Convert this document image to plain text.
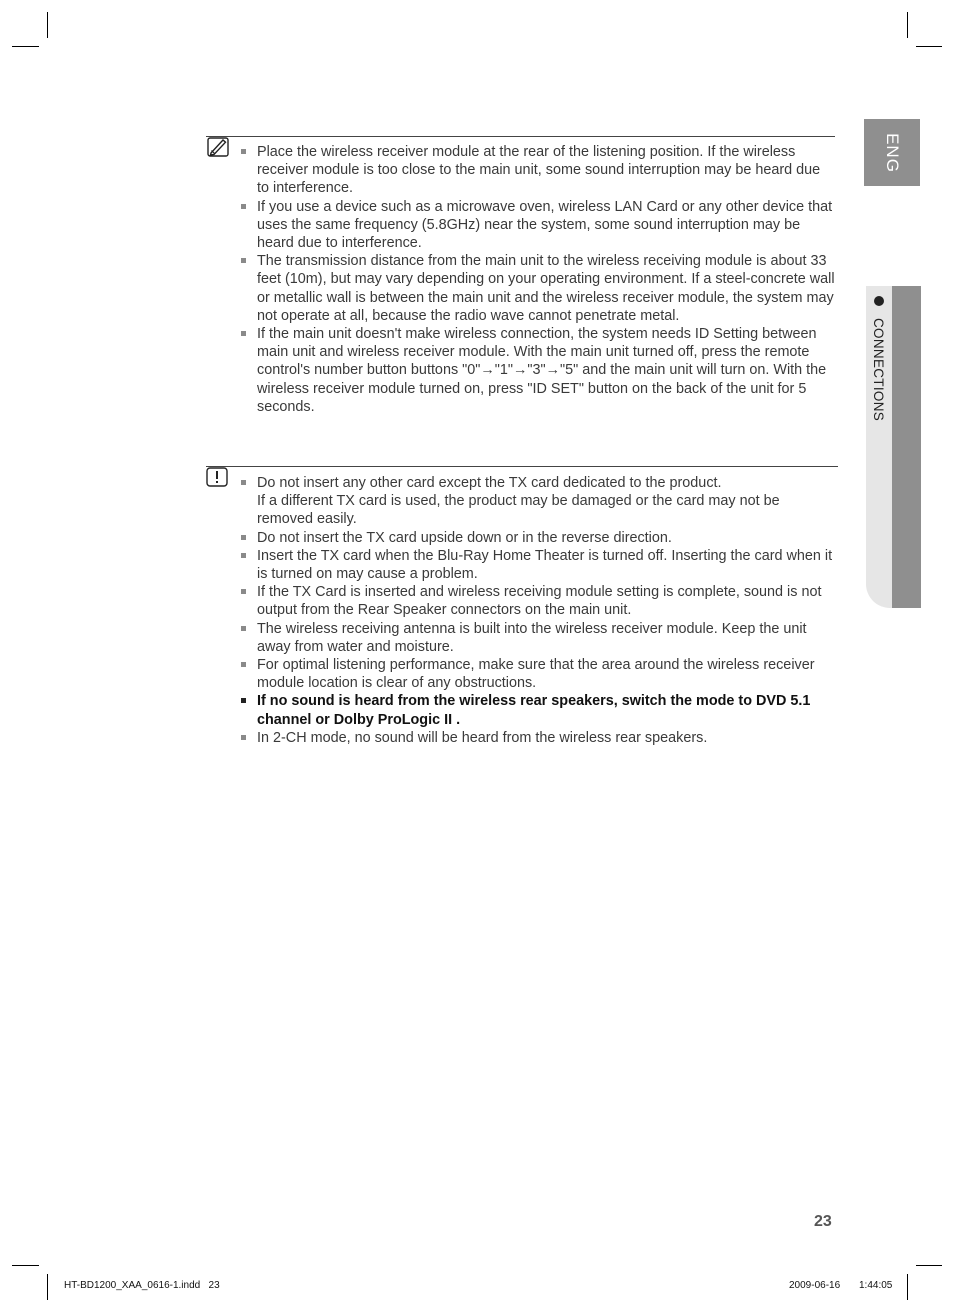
ENG
CONNECTIONS
Place the wireless receiver module at the rear of the listening position. If the wireless receiver module is too close to the main unit, some sound interruption may be heard due to interference.
If you use a device such as a microwave oven, wireless LAN Card or any other device that uses the same frequency (5.8GHz) near the system, some sound interruption may be heard due to interference.
The transmission distance from the main unit to the wireless receiving module is about 33 feet (10m), but may vary depending on your operating environment. If a steel-concrete wall or metallic wall is between the main unit and the wireless receiver module, the system may not operate at all, because the radio wave cannot penetrate metal.
If the main unit doesn't make wireless connection, the system needs ID Setting between main unit and wireless receiver module. With the main unit turned off, press the remote control's number button buttons "0"→"1"→"3"→"5" and the main unit will turn on. With the wireless receiver module turned on, press "ID SET" button on the back of the unit for 5 seconds.
Do not insert any other card except the TX card dedicated to the product.
If a different TX card is used, the product may be damaged or the card may not be removed easily.
Do not insert the TX card upside down or in the reverse direction.
Insert the TX card when the Blu-Ray Home Theater is turned off. Inserting the card when it is turned on may cause a problem.
If the TX Card is inserted and wireless receiving module setting is complete, sound is not output from the Rear Speaker connectors on the main unit.
The wireless receiving antenna is built into the wireless receiver module. Keep the unit away from water and moisture.
For optimal listening performance, make sure that the area around the wireless receiver module location is clear of any obstructions.
If no sound is heard from the wireless rear speakers, switch the mode to DVD 5.1 channel or Dolby ProLogic II .
In 2-CH mode, no sound will be heard from the wireless rear speakers.
23
HT-BD1200_XAA_0616-1.indd   23	2009-06-16 1:44:05
